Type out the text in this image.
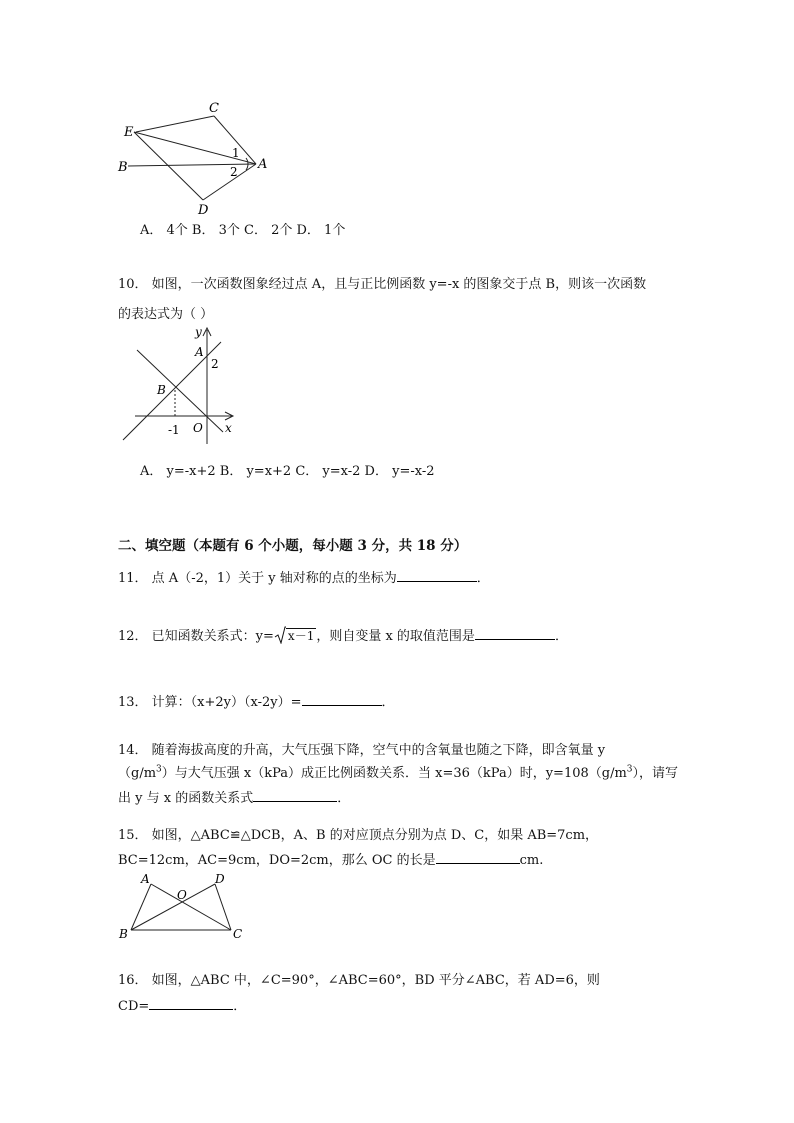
C
E
B	A
D
1
2
A． 4个 B． 3个 C． 2个 D． 1个
10． 如图，一次函数图象经过点 A，且与正比例函数 y=-x 的图象交于点 B，则该一次函数
的表达式为（ ）
y
A
2
B
-1 O x
A． y=-x+2 B． y=x+2 C． y=x-2 D． y=-x-2
二、填空题（本题有 6 个小题，每小题 3 分，共 18 分）
11． 点 A（-2，1）关于 y 轴对称的点的坐标为	．
12． 已知函数关系式：y= x－1 ，则自变量 x 的取值范围是	．
13． 计算：（x+2y）（x-2y）=	．
14． 随着海拔高度的升高，大气压强下降，空气中的含氧量也随之下降，即含氧量 y
$(g/m^3)$与大气压强 x（kPa）成正比例函数关系．当 x=36（kPa）时，$y=108(g/m^3)$，请写
出 y 与 x 的函数关系式	．
15． 如图，△ABC≌△DCB，A、B 的对应顶点分别为点 D、C，如果 AB=7cm，
BC=12cm，AC=9cm，DO=2cm，那么 OC 的长是	cm.
A
O
D
B	C
16． 如图，△ABC 中，∠C=90°，∠ABC=60°，BD 平分∠ABC，若 AD=6，则
CD=	．
